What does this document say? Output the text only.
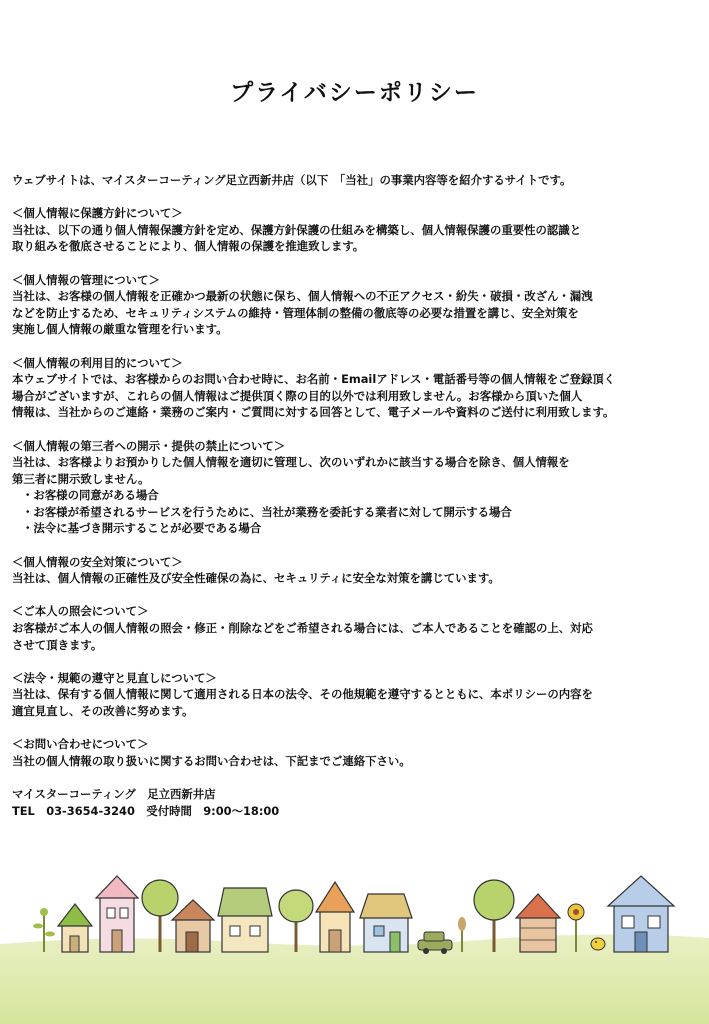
プライバシーポリシー
ウェブサイトは、マイスターコーティング足立西新井店（以下　「当社」の事業内容等を紹介するサイトです。
＜個人情報に保護方針について＞
当社は、以下の通り個人情報保護方針を定め、保護方針保護の仕組みを構築し、個人情報保護の重要性の認識と
取り組みを徹底させることにより、個人情報の保護を推進致します。
＜個人情報の管理について＞
当社は、お客様の個人情報を正確かつ最新の状態に保ち、個人情報への不正アクセス・紛失・破損・改ざん・漏洩
などを防止するため、セキュリティシステムの維持・管理体制の整備の徹底等の必要な措置を講じ、安全対策を
実施し個人情報の厳重な管理を行います。
＜個人情報の利用目的について＞
本ウェブサイトでは、お客様からのお問い合わせ時に、お名前・Emailアドレス・電話番号等の個人情報をご登録頂く
場合がございますが、これらの個人情報はご提供頂く際の目的以外では利用致しません。お客様から頂いた個人
情報は、当社からのご連絡・業務のご案内・ご質問に対する回答として、電子メールや資料のご送付に利用致します。
＜個人情報の第三者への開示・提供の禁止について＞
当社は、お客様よりお預かりした個人情報を適切に管理し、次のいずれかに該当する場合を除き、個人情報を
第三者に開示致しません。
・お客様の同意がある場合
・お客様が希望されるサービスを行うために、当社が業務を委託する業者に対して開示する場合
・法令に基づき開示することが必要である場合
＜個人情報の安全対策について＞
当社は、個人情報の正確性及び安全性確保の為に、セキュリティに安全な対策を講じています。
＜ご本人の照会について＞
お客様がご本人の個人情報の照会・修正・削除などをご希望される場合には、ご本人であることを確認の上、対応
させて頂きます。
＜法令・規範の遵守と見直しについて＞
当社は、保有する個人情報に関して適用される日本の法令、その他規範を遵守するとともに、本ポリシーの内容を
適宜見直し、その改善に努めます。
＜お問い合わせについて＞
当社の個人情報の取り扱いに関するお問い合わせは、下記までご連絡下さい。
マイスターコーティング　足立西新井店
TEL　03-3654-3240　受付時間　9:00〜18:00
